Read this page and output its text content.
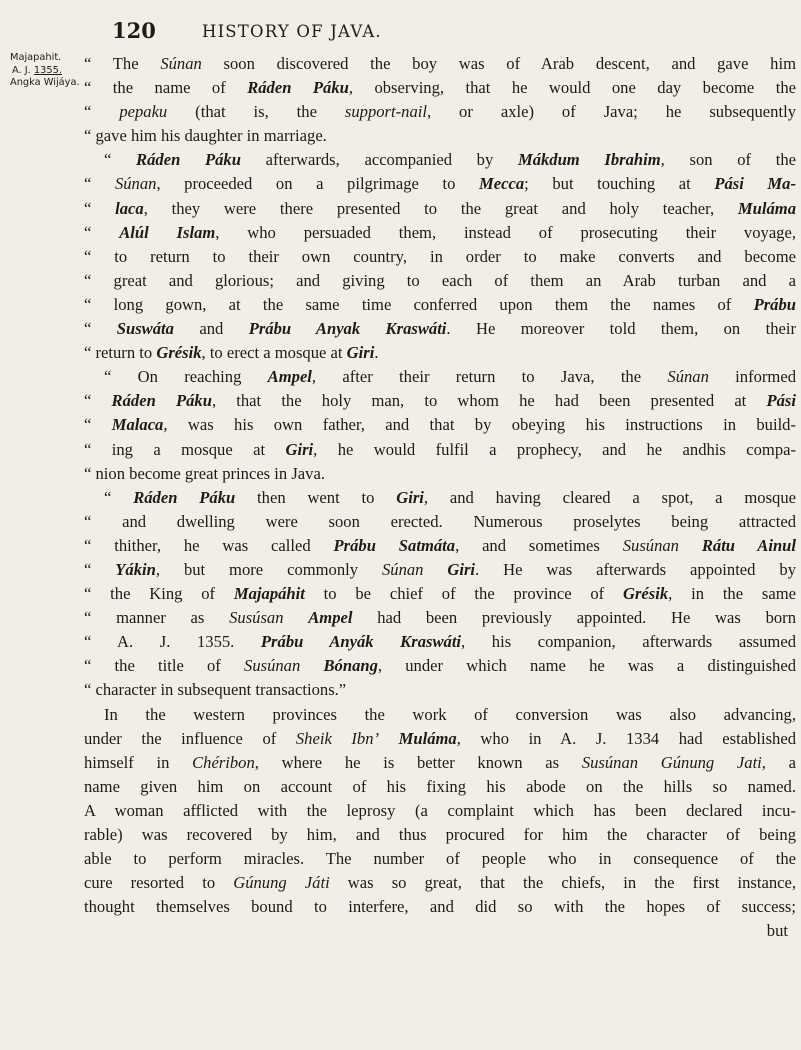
120	HISTORY OF JAVA.
Majapahit.
A. J. 1355.
Angka Wijáya.
“ The Súnan soon discovered the boy was of Arab descent, and gave him
“ the name of Ráden Páku, observing, that he would one day become the
“ pepaku (that is, the support-nail, or axle) of Java; he subsequently
“ gave him his daughter in marriage.
“ Ráden Páku afterwards, accompanied by Mákdum Ibrahim, son of the
“ Súnan, proceeded on a pilgrimage to Mecca; but touching at Pási Ma-
“ laca, they were there presented to the great and holy teacher, Muláma
“ Alúl Islam, who persuaded them, instead of prosecuting their voyage,
“ to return to their own country, in order to make converts and become
“ great and glorious; and giving to each of them an Arab turban and a
“ long gown, at the same time conferred upon them the names of Prábu
“ Suswáta and Prábu Anyak Kraswáti. He moreover told them, on their
“ return to Grésik, to erect a mosque at Giri.
“ On reaching Ampel, after their return to Java, the Súnan informed
“ Ráden Páku, that the holy man, to whom he had been presented at Pási
“ Malaca, was his own father, and that by obeying his instructions in build-
“ ing a mosque at Giri, he would fulfil a prophecy, and he andhis compa-
“ nion become great princes in Java.
“ Ráden Páku then went to Giri, and having cleared a spot, a mosque
“ and dwelling were soon erected. Numerous proselytes being attracted
“ thither, he was called Prábu Satmáta, and sometimes Susúnan Rátu Ainul
“ Yákin, but more commonly Súnan Giri. He was afterwards appointed by
“ the King of Majapáhit to be chief of the province of Grésik, in the same
“ manner as Susúsan Ampel had been previously appointed. He was born
“ A. J. 1355. Prábu Anyák Kraswáti, his companion, afterwards assumed
“ the title of Susúnan Bónang, under which name he was a distinguished
“ character in subsequent transactions.”
In the western provinces the work of conversion was also advancing,
under the influence of Sheik Ibn’ Muláma, who in A. J. 1334 had established
himself in Chéribon, where he is better known as Susúnan Gúnung Jati, a
name given him on account of his fixing his abode on the hills so named.
A woman afflicted with the leprosy (a complaint which has been declared incu-
rable) was recovered by him, and thus procured for him the character of being
able to perform miracles. The number of people who in consequence of the
cure resorted to Gúnung Játi was so great, that the chiefs, in the first instance,
thought themselves bound to interfere, and did so with the hopes of success;
but
